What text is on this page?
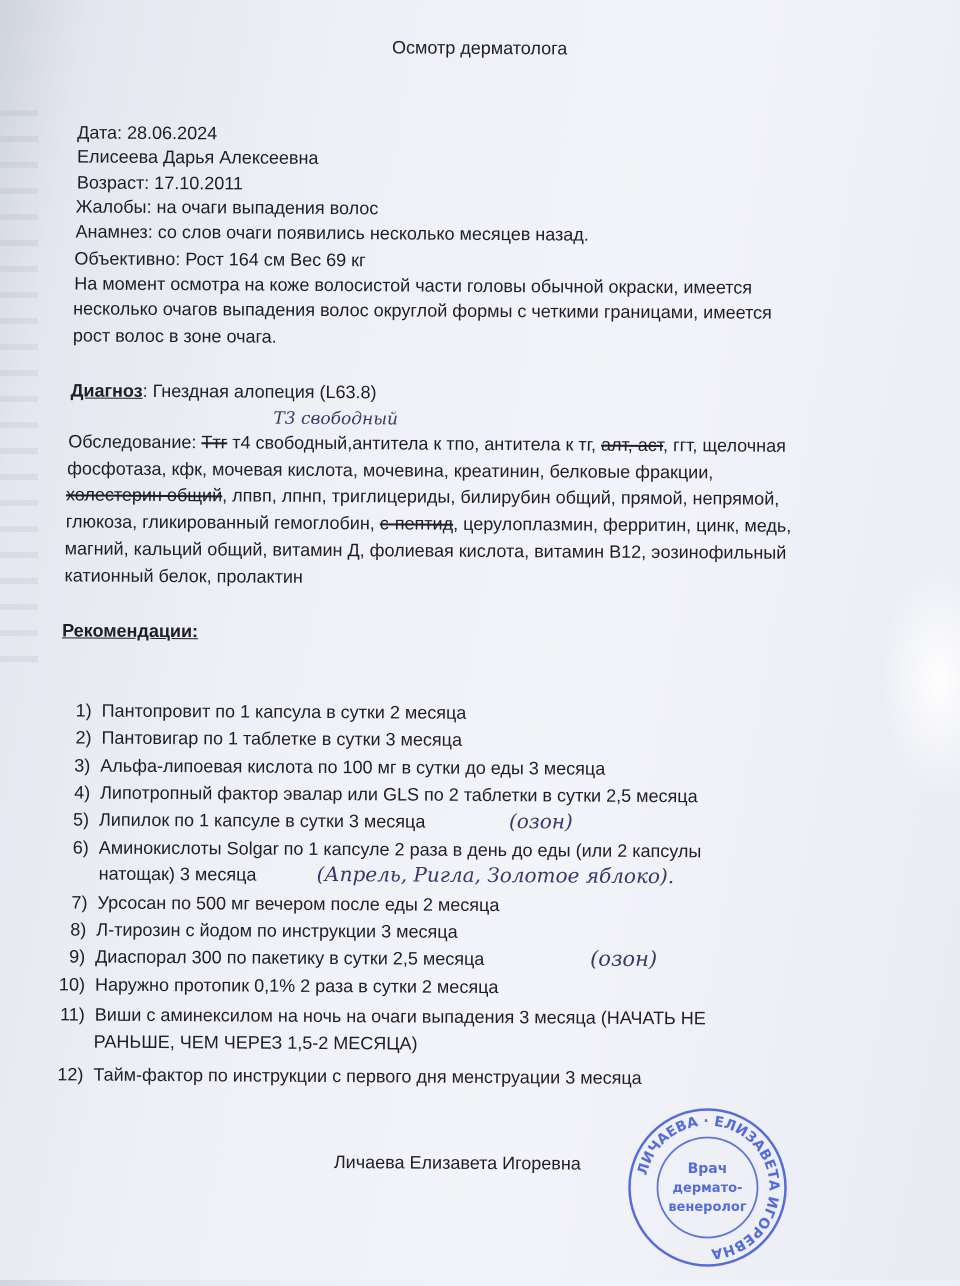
Осмотр дерматолога
Дата: 28.06.2024
Елисеева Дарья Алексеевна
Возраст: 17.10.2011
Жалобы: на очаги выпадения волос
Анамнез: со слов очаги появились несколько месяцев назад.
Объективно: Рост 164 см Вес 69 кг
На момент осмотра на коже волосистой части головы обычной окраски, имеется
несколько очагов выпадения волос округлой формы с четкими границами, имеется
рост волос в зоне очага.
Диагноз: Гнездная алопеция (L63.8)
Т3 свободный
Обследование: Ттг т4 свободный,антитела к тпо, антитела к тг, алт, аст, ггт, щелочная
фосфотаза, кфк, мочевая кислота, мочевина, креатинин, белковые фракции,
холестерин общий, лпвп, лпнп, триглицериды, билирубин общий, прямой, непрямой,
глюкоза, гликированный гемоглобин, с-пептид, церулоплазмин, ферритин, цинк, медь,
магний, кальций общий, витамин Д, фолиевая кислота, витамин В12, эозинофильный
катионный белок, пролактин
Рекомендации:
1) Пантопровит по 1 капсула в сутки 2 месяца
2) Пантовигар по 1 таблетке в сутки 3 месяца
3) Альфа-липоевая кислота по 100 мг в сутки до еды 3 месяца
4) Липотропный фактор эвалар или GLS по 2 таблетки в сутки 2,5 месяца
5) Липилок по 1 капсуле в сутки 3 месяца
6) Аминокислоты Solgar по 1 капсуле 2 раза в день до еды (или 2 капсулы
натощак) 3 месяца
7) Урсосан по 500 мг вечером после еды 2 месяца
8) Л-тирозин с йодом по инструкции 3 месяца
9) Диаспорал 300 по пакетику в сутки 2,5 месяца
10) Наружно протопик 0,1% 2 раза в сутки 2 месяца
11) Виши с аминексилом на ночь на очаги выпадения 3 месяца (НАЧАТЬ НЕ
РАНЬШЕ, ЧЕМ ЧЕРЕЗ 1,5-2 МЕСЯЦА)
12) Тайм-фактор по инструкции с первого дня менструации 3 месяца
(озон)
(Апрель, Ригла, Золотое яблоко).
(озон)
Личаева Елизавета Игоревна	ЛИЧАЕВА · ЕЛИЗАВЕТА ИГОРЕВНА
Врач
дермато-
венеролог
